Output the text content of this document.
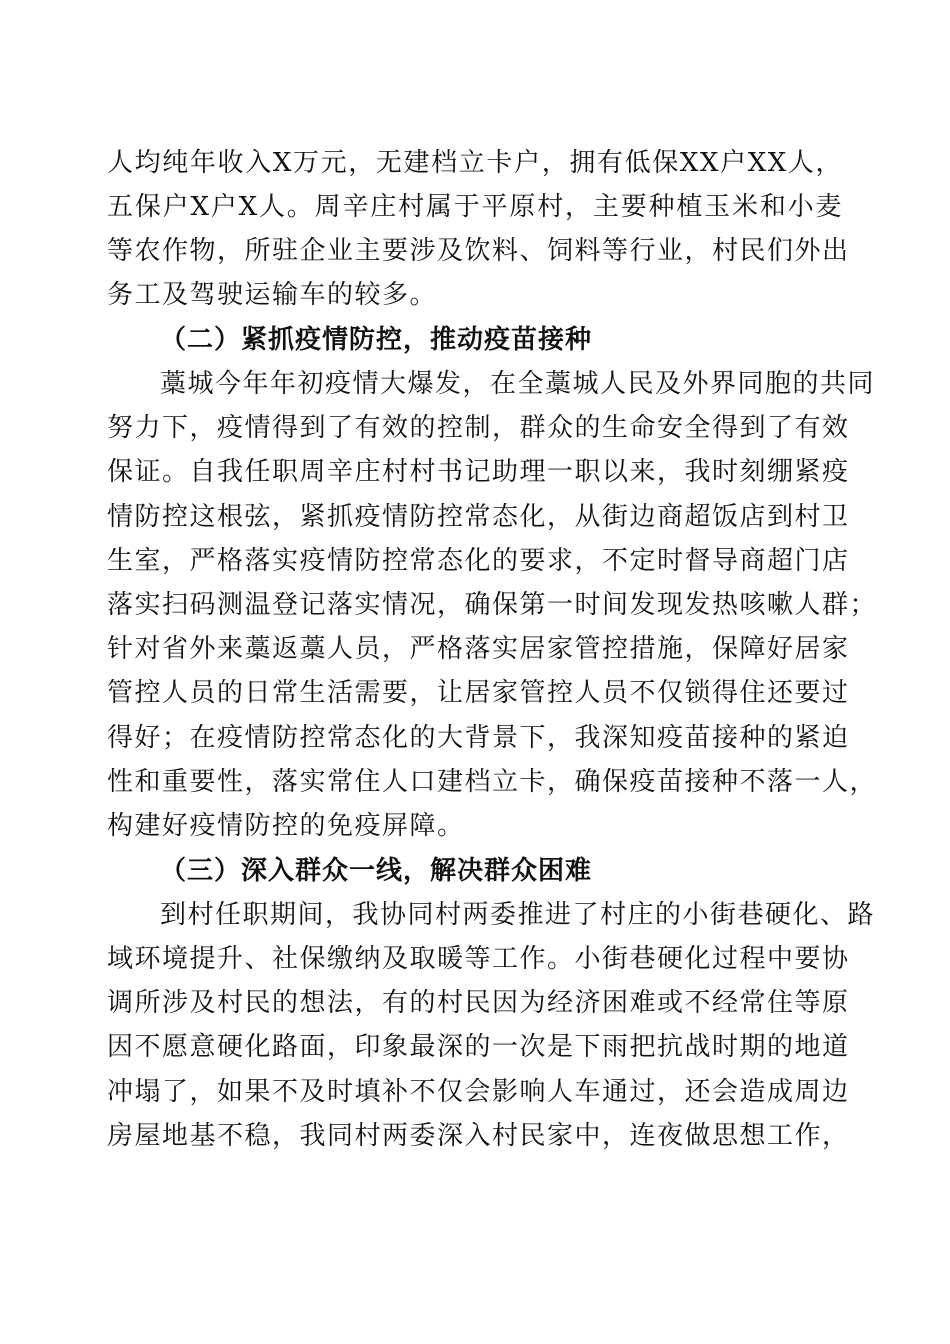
人均纯年收入X万元，无建档立卡户，拥有低保XX户XX人，
五保户X户X人。周辛庄村属于平原村，主要种植玉米和小麦
等农作物，所驻企业主要涉及饮料、饲料等行业，村民们外出
务工及驾驶运输车的较多。
（二）紧抓疫情防控，推动疫苗接种
藁城今年年初疫情大爆发，在全藁城人民及外界同胞的共同
努力下，疫情得到了有效的控制，群众的生命安全得到了有效
保证。自我任职周辛庄村村书记助理一职以来，我时刻绷紧疫
情防控这根弦，紧抓疫情防控常态化，从街边商超饭店到村卫
生室，严格落实疫情防控常态化的要求，不定时督导商超门店
落实扫码测温登记落实情况，确保第一时间发现发热咳嗽人群；
针对省外来藁返藁人员，严格落实居家管控措施，保障好居家
管控人员的日常生活需要，让居家管控人员不仅锁得住还要过
得好；在疫情防控常态化的大背景下，我深知疫苗接种的紧迫
性和重要性，落实常住人口建档立卡，确保疫苗接种不落一人，
构建好疫情防控的免疫屏障。
（三）深入群众一线，解决群众困难
到村任职期间，我协同村两委推进了村庄的小街巷硬化、路
域环境提升、社保缴纳及取暖等工作。小街巷硬化过程中要协
调所涉及村民的想法，有的村民因为经济困难或不经常住等原
因不愿意硬化路面，印象最深的一次是下雨把抗战时期的地道
冲塌了，如果不及时填补不仅会影响人车通过，还会造成周边
房屋地基不稳，我同村两委深入村民家中，连夜做思想工作，
